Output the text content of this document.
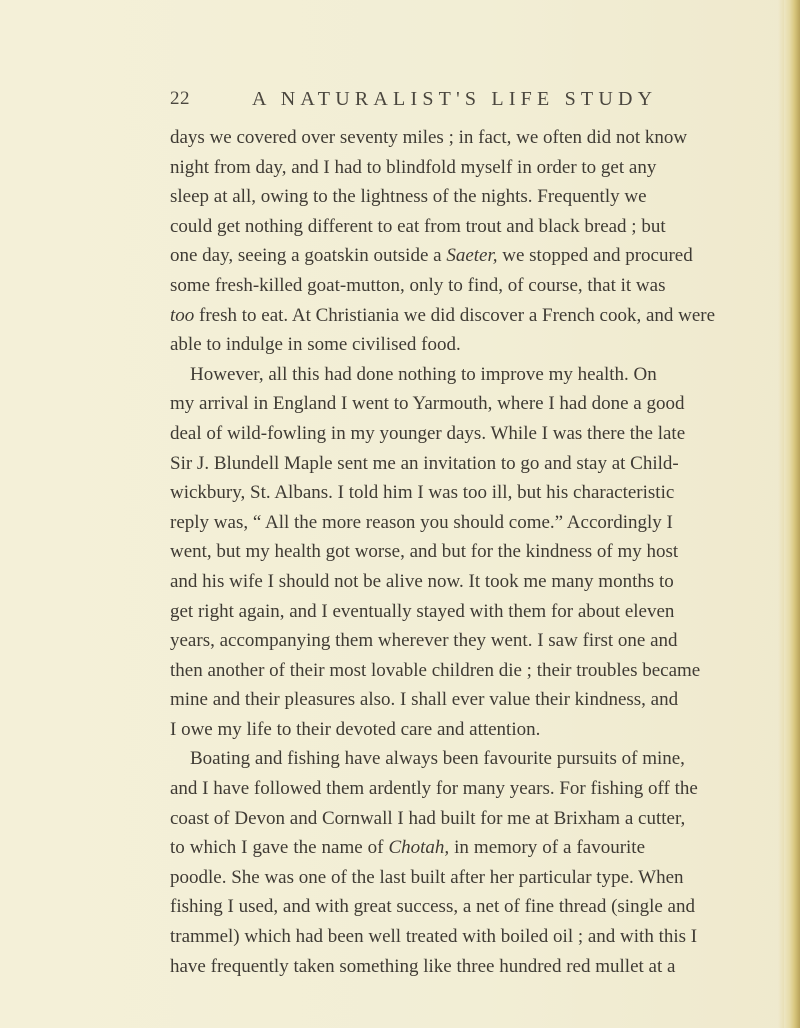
22	A NATURALIST'S LIFE STUDY
days we covered over seventy miles ; in fact, we often did not know
night from day, and I had to blindfold myself in order to get any
sleep at all, owing to the lightness of the nights. Frequently we
could get nothing different to eat from trout and black bread ; but
one day, seeing a goatskin outside a Saeter, we stopped and procured
some fresh-killed goat-mutton, only to find, of course, that it was
too fresh to eat. At Christiania we did discover a French cook, and were
able to indulge in some civilised food.
However, all this had done nothing to improve my health. On
my arrival in England I went to Yarmouth, where I had done a good
deal of wild-fowling in my younger days. While I was there the late
Sir J. Blundell Maple sent me an invitation to go and stay at Child-
wickbury, St. Albans. I told him I was too ill, but his characteristic
reply was, “ All the more reason you should come.” Accordingly I
went, but my health got worse, and but for the kindness of my host
and his wife I should not be alive now. It took me many months to
get right again, and I eventually stayed with them for about eleven
years, accompanying them wherever they went. I saw first one and
then another of their most lovable children die ; their troubles became
mine and their pleasures also. I shall ever value their kindness, and
I owe my life to their devoted care and attention.
Boating and fishing have always been favourite pursuits of mine,
and I have followed them ardently for many years. For fishing off the
coast of Devon and Cornwall I had built for me at Brixham a cutter,
to which I gave the name of Chotah, in memory of a favourite
poodle. She was one of the last built after her particular type. When
fishing I used, and with great success, a net of fine thread (single and
trammel) which had been well treated with boiled oil ; and with this I
have frequently taken something like three hundred red mullet at a
